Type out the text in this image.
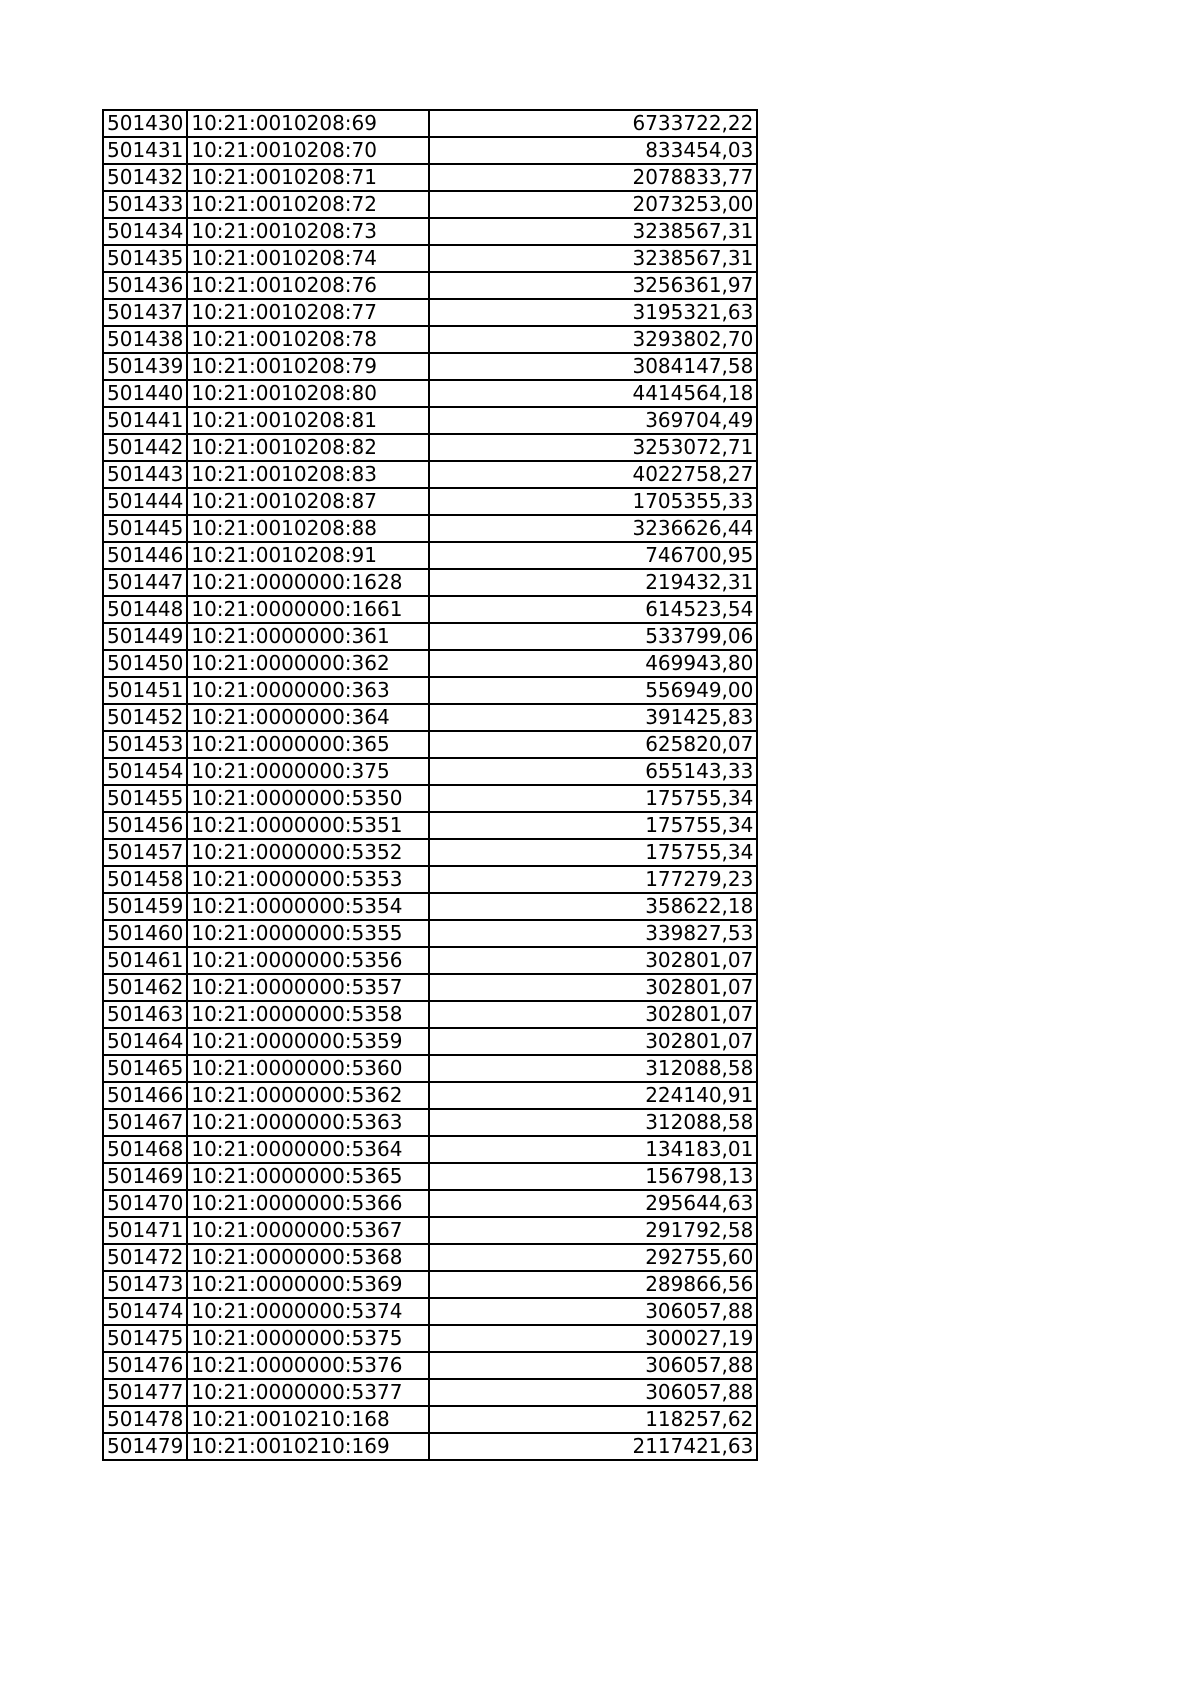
501430	10:21:0010208:69	6733722,22
501431	10:21:0010208:70	833454,03
501432	10:21:0010208:71	2078833,77
501433	10:21:0010208:72	2073253,00
501434	10:21:0010208:73	3238567,31
501435	10:21:0010208:74	3238567,31
501436	10:21:0010208:76	3256361,97
501437	10:21:0010208:77	3195321,63
501438	10:21:0010208:78	3293802,70
501439	10:21:0010208:79	3084147,58
501440	10:21:0010208:80	4414564,18
501441	10:21:0010208:81	369704,49
501442	10:21:0010208:82	3253072,71
501443	10:21:0010208:83	4022758,27
501444	10:21:0010208:87	1705355,33
501445	10:21:0010208:88	3236626,44
501446	10:21:0010208:91	746700,95
501447	10:21:0000000:1628	219432,31
501448	10:21:0000000:1661	614523,54
501449	10:21:0000000:361	533799,06
501450	10:21:0000000:362	469943,80
501451	10:21:0000000:363	556949,00
501452	10:21:0000000:364	391425,83
501453	10:21:0000000:365	625820,07
501454	10:21:0000000:375	655143,33
501455	10:21:0000000:5350	175755,34
501456	10:21:0000000:5351	175755,34
501457	10:21:0000000:5352	175755,34
501458	10:21:0000000:5353	177279,23
501459	10:21:0000000:5354	358622,18
501460	10:21:0000000:5355	339827,53
501461	10:21:0000000:5356	302801,07
501462	10:21:0000000:5357	302801,07
501463	10:21:0000000:5358	302801,07
501464	10:21:0000000:5359	302801,07
501465	10:21:0000000:5360	312088,58
501466	10:21:0000000:5362	224140,91
501467	10:21:0000000:5363	312088,58
501468	10:21:0000000:5364	134183,01
501469	10:21:0000000:5365	156798,13
501470	10:21:0000000:5366	295644,63
501471	10:21:0000000:5367	291792,58
501472	10:21:0000000:5368	292755,60
501473	10:21:0000000:5369	289866,56
501474	10:21:0000000:5374	306057,88
501475	10:21:0000000:5375	300027,19
501476	10:21:0000000:5376	306057,88
501477	10:21:0000000:5377	306057,88
501478	10:21:0010210:168	118257,62
501479	10:21:0010210:169	2117421,63
